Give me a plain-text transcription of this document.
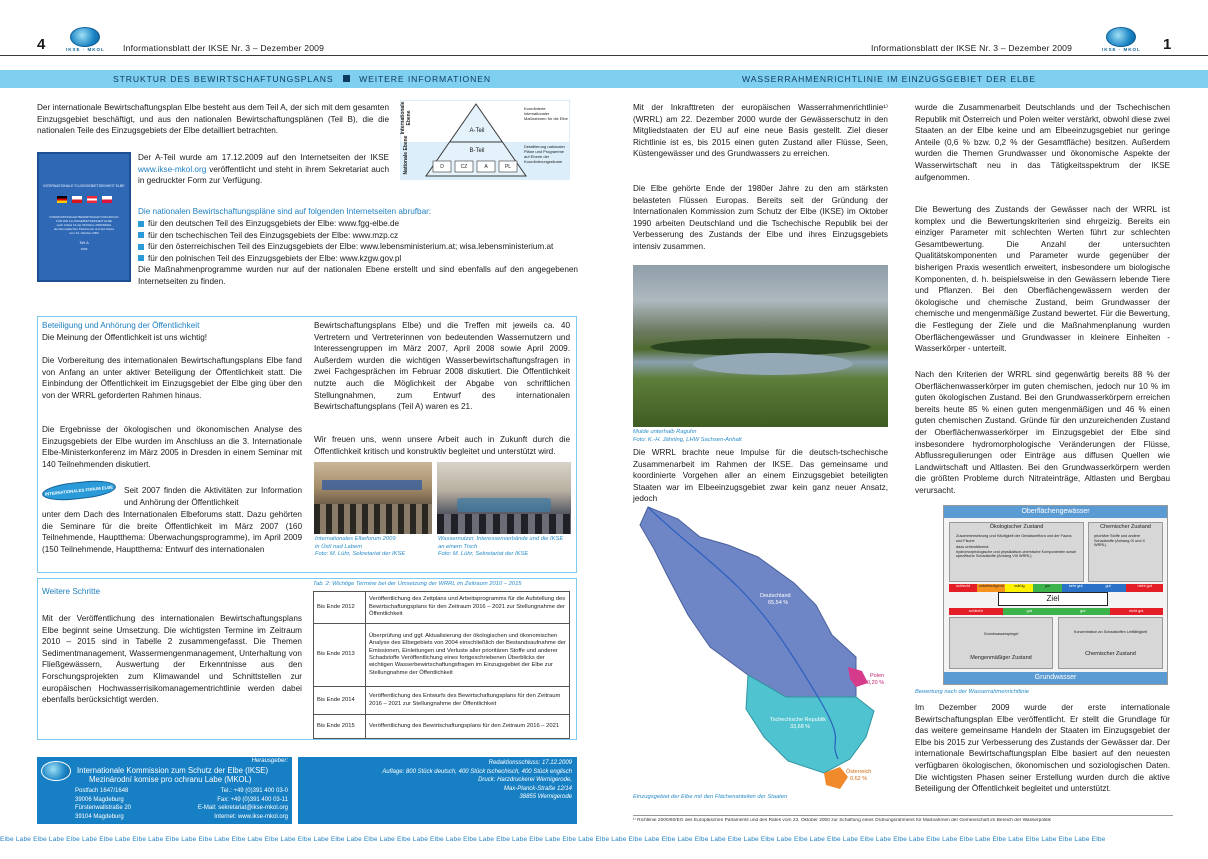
4	IKSE · MKOL Informationsblatt der IKSE Nr. 3 – Dezember 2009
STRUKTUR DES BEWIRTSCHAFTUNGSPLANS	WEITERE INFORMATIONEN

Der internationale Bewirtschaftungsplan Elbe besteht aus dem Teil A, der sich mit dem gesamten Einzugsgebiet beschäftigt, und aus den nationalen Bewirtschaftungsplänen (Teil B), die die nationalen Teile des Einzugsgebiets der Elbe detailliert betrachten.	Internationale Ebene
Nationale Ebene
A-Teil
B-Teil
D	CZ	A	PL
Koordinierte internationaler Maßnahmen für die Elbe
Detaillierung nationaler Pläne und Programme auf Ebene der Koordinierungsräume
INTERNATIONALE FLUSSGEBIETSEINHEIT ELBE
INTERNATIONALER BEWIRTSCHAFTUNGSPLAN
FÜR DIE FLUSSGEBIETSEINHEIT ELBE
nach Artikel 13 der Richtlinie 2000/60/EG
des Europäischen Parlaments und des Rates
vom 23. Oktober 2000
Teil A
2009

Der A-Teil wurde am 17.12.2009 auf den Internetseiten der IKSE www.ikse-mkol.org veröffentlicht und steht in ihrem Sekretariat auch in gedruckter Form zur Verfügung.

Die nationalen Bewirtschaftungspläne sind auf folgenden Internetseiten abrufbar:
für den deutschen Teil des Einzugsgebiets der Elbe: www.fgg-elbe.de
für den tschechischen Teil des Einzugsgebiets der Elbe: www.mzp.cz
für den österreichischen Teil des Einzugsgebiets der Elbe: www.lebensministerium.at; wisa.lebensministerium.at
für den polnischen Teil des Einzugsgebiets der Elbe: www.kzgw.gov.pl

Die Maßnahmenprogramme wurden nur auf der nationalen Ebene erstellt und sind ebenfalls auf den angegebenen Internetseiten zu finden.

Beteiligung und Anhörung der Öffentlichkeit
Die Meinung der Öffentlichkeit ist uns wichtig!

Die Vorbereitung des internationalen Bewirtschaftungsplans Elbe fand von Anfang an unter aktiver Beteiligung der Öffentlichkeit statt. Die Einbindung der Öffentlichkeit im Einzugsgebiet der Elbe ging über den von der WRRL geforderten Rahmen hinaus.

Die Ergebnisse der ökologischen und ökonomischen Analyse des Einzugsgebiets der Elbe wurden im Anschluss an die 3. Internationale Elbe-Ministerkonferenz im März 2005 in Dresden in einem Seminar mit 140 Teilnehmenden diskutiert.

INTERNATIONALES FORUM ELBE Seit 2007 finden die Aktivitäten zur Information und Anhörung der Öffentlichkeit

unter dem Dach des Internationalen Elbeforums statt. Dazu gehörten die Seminare für die breite Öffentlichkeit im März 2007 (160 Teilnehmende, Hauptthema: Überwachungsprogramme), im April 2009 (150 Teilnehmende, Hauptthema: Entwurf des internationalen

Bewirtschaftungsplans Elbe) und die Treffen mit jeweils ca. 40 Vertretern und Vertreterinnen von bedeutenden Wassernutzern und Interessengruppen im März 2007, April 2008 sowie April 2009. Außerdem wurden die wichtigen Wasserbewirtschaftungsfragen in zwei Fachgesprächen im Februar 2008 diskutiert. Die Öffentlichkeit nutzte auch die Möglichkeit der Abgabe von schriftlichen Stellungnahmen, zum Entwurf des internationalen Bewirtschaftungsplans (Teil A) waren es 21.

Wir freuen uns, wenn unsere Arbeit auch in Zukunft durch die Öffentlichkeit kritisch und konstruktiv begleitet und unterstützt wird.

Internationales Elbeforum 2009
in Ústí nad Labem
Foto: M. Lühr, Sekretariat der IKSE
Wassernutzer, Interessenverbände und die IKSE
an einem Tisch
Foto: M. Lühr, Sekretariat der IKSE
Weitere Schritte

Mit der Veröffentlichung des internationalen Bewirtschaftungsplans Elbe beginnt seine Umsetzung. Die wichtigsten Termine im Zeitraum 2010 – 2015 sind in Tabelle 2 zusammengefasst. Die Themen Sedimentmanagement, Wassermengenmanagement, Unterhaltung von Fließgewässern, Auswertung der Erkenntnisse aus den Forschungsprojekten zum Klimawandel und Schnittstellen zur europäischen Hochwasserrisikomanagementrichtlinie werden dabei ebenfalls berücksichtigt werden.

Tab. 2: Wichtige Termine bei der Umsetzung der WRRL im Zeitraum 2010 – 2015
Bis Ende 2012	Veröffentlichung des Zeitplans und Arbeitsprogramms für die Aufstellung des Bewirtschaftungsplans für den Zeitraum 2016 – 2021 zur Stellungnahme der Öffentlichkeit
Bis Ende 2013	Überprüfung und ggf. Aktualisierung der ökologischen und ökonomischen Analyse des Elbegebiets von 2004 einschließlich der Bestandsaufnahme der Emissionen, Einleitungen und Verluste aller prioritären Stoffe und anderer Schadstoffe Veröffentlichung eines fortgeschriebenen Überblicks der wichtigen Wasserbewirtschaftungsfragen im Einzugsgebiet der Elbe zur Stellungnahme der Öffentlichkeit
Bis Ende 2014	Veröffentlichung des Entwurfs des Bewirtschaftungsplans für den Zeitraum 2016 – 2021 zur Stellungnahme der Öffentlichkeit
Bis Ende 2015	Veröffentlichung des Bewirtschaftungsplans für den Zeitraum 2016 – 2021
Herausgeber:
Internationale Kommission zum Schutz der Elbe (IKSE)
Mezinárodní komise pro ochranu Labe (MKOL)
Postfach 1647/1648
39006 Magdeburg
Fürstenwallstraße 20
39104 Magdeburg
Tel.: +49 (0)391 400 03-0
Fax: +49 (0)391 400 03-11
E-Mail: sekretariat@ikse-mkol.org
Internet: www.ikse-mkol.org
Redaktionsschluss: 17.12.2009
Auflage: 800 Stück deutsch, 400 Stück tschechisch, 400 Stück englisch
Druck: Harzdruckerei Wernigerode,
Max-Planck-Straße 12/14
38855 Wernigerode
Informationsblatt der IKSE Nr. 3 – Dezember 2009	IKSE · MKOL 1
WASSERRAHMENRICHTLINIE IM EINZUGSGEBIET DER ELBE

Mit der Inkrafttreten der europäischen Wasserrahmenrichtlinie¹⁾ (WRRL) am 22. Dezember 2000 wurde der Gewässerschutz in den Mitgliedstaaten der EU auf eine neue Basis gestellt. Ziel dieser Richtlinie ist es, bis 2015 einen guten Zustand aller Flüsse, Seen, Küstengewässer und des Grundwassers zu erreichen.

Die Elbe gehörte Ende der 1980er Jahre zu den am stärksten belasteten Flüssen Europas. Bereits seit der Gründung der Internationalen Kommission zum Schutz der Elbe (IKSE) im Oktober 1990 arbeiten Deutschland und die Tschechische Republik bei der Verbesserung des Zustands der Elbe und ihres Einzugsgebiets intensiv zusammen.

Mulde unterhalb Raguhn
Foto: K.-H. Jährling, LHW Sachsen-Anhalt

Die WRRL brachte neue Impulse für die deutsch-tschechische Zusammenarbeit im Rahmen der IKSE. Das gemeinsame und koordinierte Vorgehen aller an einem Einzugsgebiet beteiligten Staaten war im Elbeeinzugsgebiet zwar kein ganz neuer Ansatz, jedoch

Deutschland
65,54 %
Tschechische Republik
33,68 %
Polen
0,20 %
Österreich
0,62 %
Einzugsgebiet der Elbe mit den Flächenanteilen der Staaten

wurde die Zusammenarbeit Deutschlands und der Tschechischen Republik mit Österreich und Polen weiter verstärkt, obwohl diese zwei Staaten an der Elbe keine und am Elbeeinzugsgebiet nur geringe Anteile (0,6 % bzw. 0,2 % der Gesamtfläche) besitzen. Außerdem wurden die Themen Grundwasser und ökonomische Aspekte der Wasserwirtschaft neu in das Tätigkeitsspektrum der IKSE aufgenommen.

Die Bewertung des Zustands der Gewässer nach der WRRL ist komplex und die Bewertungskriterien sind ehrgeizig. Bereits ein einziger Parameter mit schlechten Werten führt zur schlechten Gesamtbewertung. Die Anzahl der untersuchten Qualitätskomponenten und Parameter wurde gegenüber der bisherigen Praxis wesentlich erweitert, insbesondere um biologische Komponenten, d. h. beispielsweise in den Gewässern lebende Tiere und Pflanzen. Bei den Oberflächengewässern werden der ökologische und chemische Zustand, beim Grundwasser der chemische und mengenmäßige Zustand bewertet. Für die Bewertung, die Festlegung der Ziele und die Maßnahmenplanung wurden Oberflächengewässer und Grundwasser in kleinere Einheiten - Wasserkörper - unterteilt.

Nach den Kriterien der WRRL sind gegenwärtig bereits 88 % der Oberflächenwasserkörper im guten chemischen, jedoch nur 10 % im guten ökologischen Zustand. Bei den Grundwasserkörpern erreichen bereits heute 85 % einen guten mengenmäßigen und 46 % einen guten chemischen Zustand. Gründe für den unzureichenden Zustand der Oberflächenwasserkörper im Einzugsgebiet der Elbe sind insbesondere hydromorphologische Veränderungen der Flüsse, Abflussregulierungen oder Einträge aus diffusen Quellen wie Landwirtschaft und Altlasten. Bei den Grundwasserkörpern werden die größten Probleme durch Nitrateinträge, Altlasten und Bergbau verursacht.

Oberflächengewässer
Ökologischer Zustand
Zusammensetzung und Häufigkeit der Gewässerflora und der Fauna und Fische
dazu unterstützend:
hydromorphologische und physikalisch-chemische Komponenten sowie spezifische Schadstoffe (Anhang VIII WRRL)
Chemischer Zustand
prioritäre Stoffe und andere Schadstoffe (Anhang IX und X WRRL)
schlecht	unbefriedigend	mäßig	gut	sehr gut	gut	nicht gut
Ziel
schlecht	gut	gut	nicht gut
Grundwasserspiegel
Mengenmäßiger Zustand
Konzentration an Schadstoffen Leitfähigkeit
Chemischer Zustand
Grundwasser
Bewertung nach der Wasserrahmenrichtlinie

Im Dezember 2009 wurde der erste internationale Bewirtschaftungsplan Elbe veröffentlicht. Er stellt die Grundlage für das weitere gemeinsame Handeln der Staaten im Einzugsgebiet der Elbe bis 2015 zur Verbesserung des Zustands der Gewässer dar. Der internationale Bewirtschaftungsplan Elbe basiert auf den neuesten verfügbaren ökologischen, ökonomischen und soziologischen Daten. Die wichtigsten Phasen seiner Erstellung wurden durch die aktive Beteiligung der Öffentlichkeit begleitet und unterstützt.

¹⁾ Richtlinie 2000/60/EG des Europäischen Parlaments und des Rates vom 23. Oktober 2000 zur Schaffung eines Ordnungsrahmens für Maßnahmen der Gemeinschaft im Bereich der Wasserpolitik
Elbe Labe Elbe Labe Elbe Labe Elbe Labe Elbe Labe Elbe Labe Elbe Labe Elbe Labe Elbe Labe Elbe Labe Elbe Labe Elbe Labe Elbe Labe Elbe Labe Elbe Labe Elbe Labe Elbe Labe Elbe Labe Elbe Labe Elbe Labe Elbe Labe Elbe Labe Elbe Labe Elbe Labe Elbe Labe Elbe Labe Elbe Labe Elbe Labe Elbe Labe Elbe Labe Elbe Labe Elbe Labe Elbe Labe Elbe
